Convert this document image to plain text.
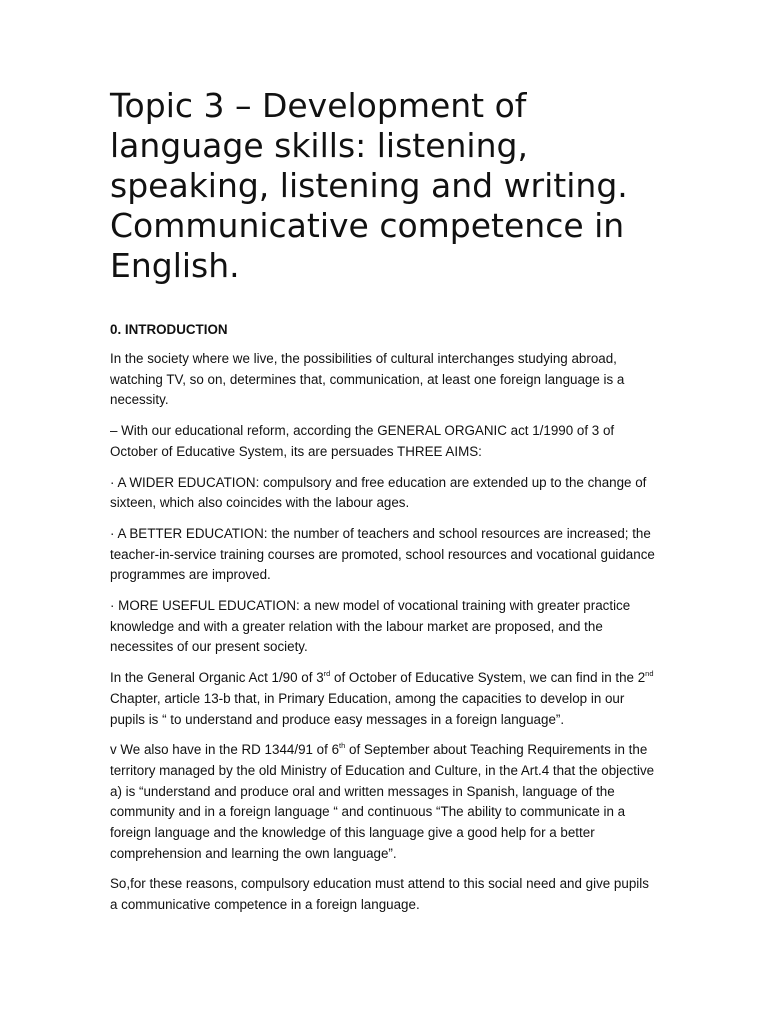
Topic 3 – Development of language skills: listening, speaking, listening and writing. Communicative competence in English.
0. INTRODUCTION

In the society where we live, the possibilities of cultural interchanges studying abroad, watching TV, so on, determines that, communication, at least one foreign language is a necessity.

– With our educational reform, according the GENERAL ORGANIC act 1/1990 of 3 of October of Educative System, its are persuades THREE AIMS:

· A WIDER EDUCATION: compulsory and free education are extended up to the change of sixteen, which also coincides with the labour ages.

· A BETTER EDUCATION: the number of teachers and school resources are increased; the teacher-in-service training courses are promoted, school resources and vocational guidance programmes are improved.

· MORE USEFUL EDUCATION: a new model of vocational training with greater practice knowledge and with a greater relation with the labour market are proposed, and the necessites of our present society.

In the General Organic Act 1/90 of 3rd of October of Educative System, we can find in the 2nd Chapter, article 13-b that, in Primary Education, among the capacities to develop in our pupils is “ to understand and produce easy messages in a foreign language”.

v We also have in the RD 1344/91 of 6th of September about Teaching Requirements in the territory managed by the old Ministry of Education and Culture, in the Art.4 that the objective a) is “understand and produce oral and written messages in Spanish, language of the community and in a foreign language “ and continuous “The ability to communicate in a foreign language and the knowledge of this language give a good help for a better comprehension and learning the own language”.

So,for these reasons, compulsory education must attend to this social need and give pupils a communicative competence in a foreign language.
